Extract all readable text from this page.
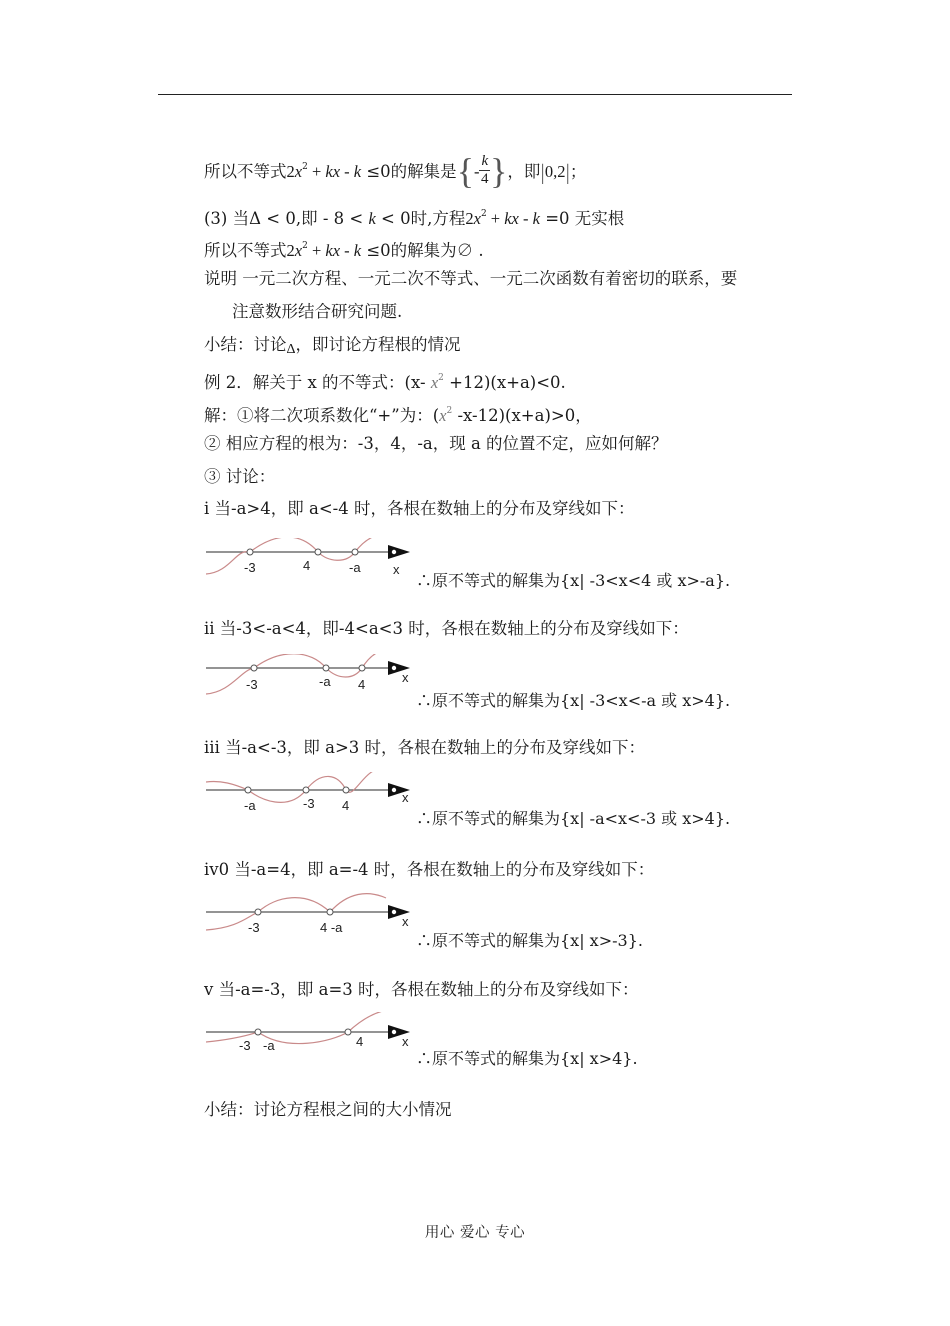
所以不等式$2x^2$ + kx - k ≤0的解集是{- $\frac{k}{4}$ }，即|0,2|；
(3) 当Δ < 0,即 - 8 < k < 0时,方程$2x^2$ + kx - k =0 无实根
所以不等式$2x^2$ + kx - k ≤0的解集为∅ .
说明 一元二次方程、一元二次不等式、一元二次函数有着密切的联系，要
注意数形结合研究问题.
小结：讨论Δ，即讨论方程根的情况
例 2．解关于 x 的不等式：(x- $x^2 +12)(x+a)<0$.
解：①将二次项系数化“+”为：($x^2$ -x-12)(x+a)>0，
② 相应方程的根为：-3，4，-a，现 a 的位置不定，应如何解？
③ 讨论：
ⅰ 当-a>4，即 a<-4 时，各根在数轴上的分布及穿线如下：
-3	4	-a x
∴原不等式的解集为{x| -3<x<4 或 x>-a}.
ⅱ 当-3<-a<4，即-4<a<3 时，各根在数轴上的分布及穿线如下：
-3	-a 4	x
∴原不等式的解集为{x| -3<x<-a 或 x>4}.
ⅲ 当-a<-3，即 a>3 时，各根在数轴上的分布及穿线如下：
-a	-3 4
x
∴原不等式的解集为{x| -a<x<-3 或 x>4}.
ⅳ0 当-a=4，即 a=-4 时，各根在数轴上的分布及穿线如下：
-3	4 -a	x
∴原不等式的解集为{x| x>-3}.
ⅴ 当-a=-3，即 a=3 时，各根在数轴上的分布及穿线如下：
-3 -a	4	x
∴原不等式的解集为{x| x>4}.
小结：讨论方程根之间的大小情况
用心 爱心 专心
